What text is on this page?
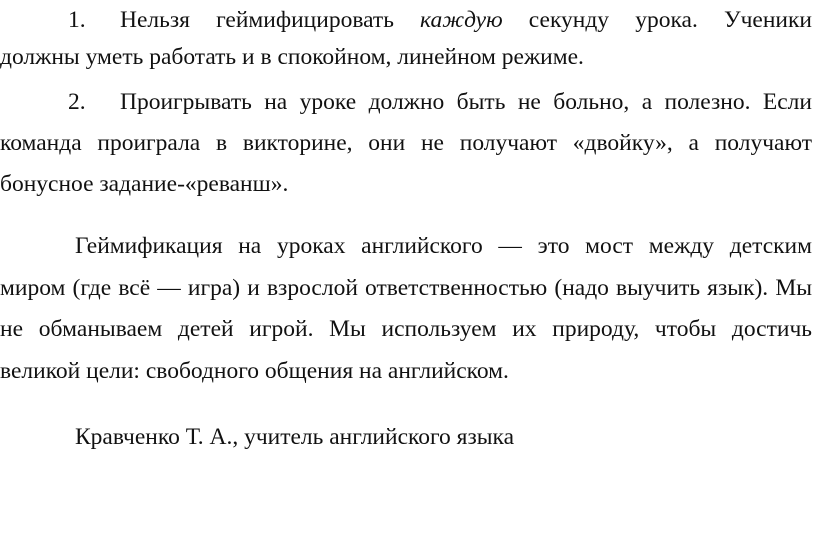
1. Нельзя геймифицировать каждую секунду урока. Ученики
должны уметь работать и в спокойном, линейном режиме.
2. Проигрывать на уроке должно быть не больно, а полезно. Если
команда проиграла в викторине, они не получают «двойку», а получают
бонусное задание-«реванш».
Геймификация на уроках английского — это мост между детским
миром (где всё — игра) и взрослой ответственностью (надо выучить язык). Мы
не обманываем детей игрой. Мы используем их природу, чтобы достичь
великой цели: свободного общения на английском.
Кравченко Т. А., учитель английского языка
